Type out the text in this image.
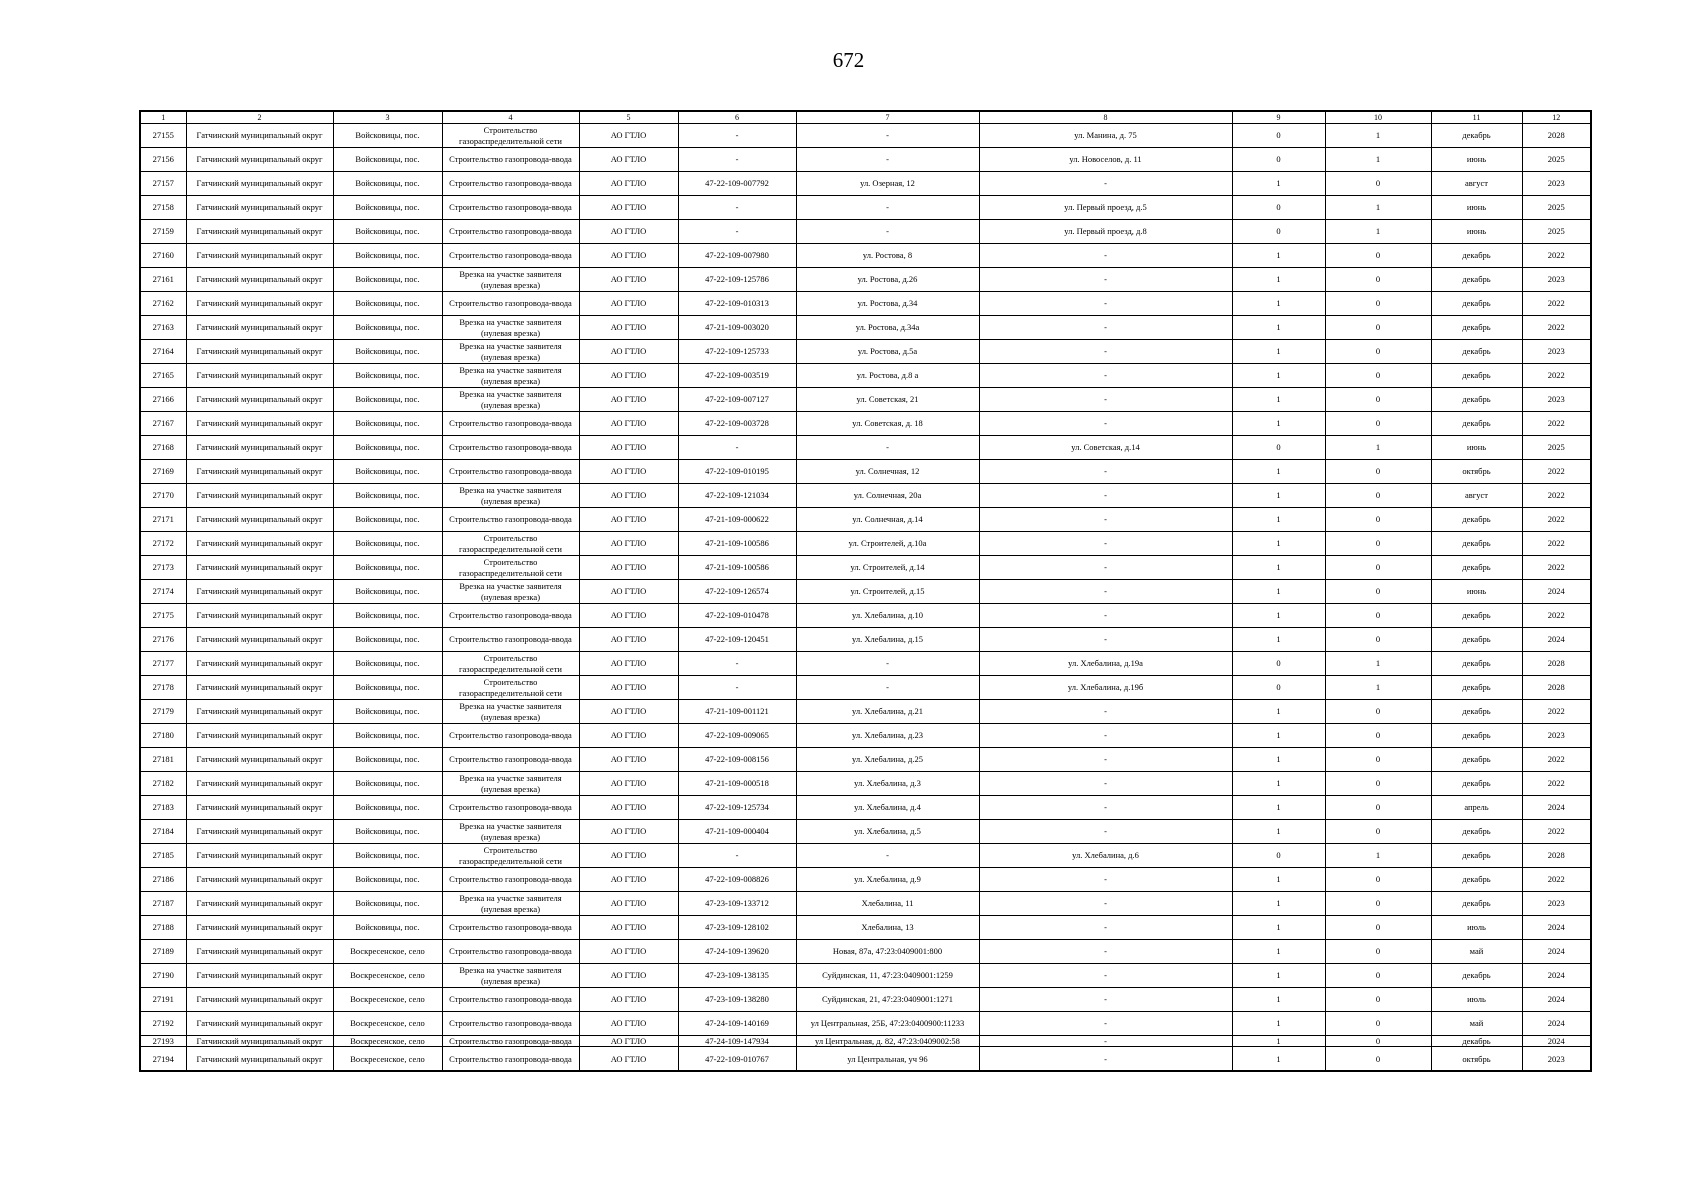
672
1	2	3	4	5	6	7	8	9	10	11	12
27155	Гатчинский муниципальный округ	Войсковицы, пос.	Строительство газораспределительной сети	АО ГТЛО	-	-	ул. Манина, д. 75	0	1	декабрь	2028
27156	Гатчинский муниципальный округ	Войсковицы, пос.	Строительство газопровода-ввода	АО ГТЛО	-	-	ул. Новоселов, д. 11	0	1	июнь	2025
27157	Гатчинский муниципальный округ	Войсковицы, пос.	Строительство газопровода-ввода	АО ГТЛО	47-22-109-007792	ул. Озерная, 12	-	1	0	август	2023
27158	Гатчинский муниципальный округ	Войсковицы, пос.	Строительство газопровода-ввода	АО ГТЛО	-	-	ул. Первый проезд, д.5	0	1	июнь	2025
27159	Гатчинский муниципальный округ	Войсковицы, пос.	Строительство газопровода-ввода	АО ГТЛО	-	-	ул. Первый проезд, д.8	0	1	июнь	2025
27160	Гатчинский муниципальный округ	Войсковицы, пос.	Строительство газопровода-ввода	АО ГТЛО	47-22-109-007980	ул. Ростова, 8	-	1	0	декабрь	2022
27161	Гатчинский муниципальный округ	Войсковицы, пос.	Врезка на участке заявителя (нулевая врезка)	АО ГТЛО	47-22-109-125786	ул. Ростова, д.26	-	1	0	декабрь	2023
27162	Гатчинский муниципальный округ	Войсковицы, пос.	Строительство газопровода-ввода	АО ГТЛО	47-22-109-010313	ул. Ростова, д.34	-	1	0	декабрь	2022
27163	Гатчинский муниципальный округ	Войсковицы, пос.	Врезка на участке заявителя (нулевая врезка)	АО ГТЛО	47-21-109-003020	ул. Ростова, д.34а	-	1	0	декабрь	2022
27164	Гатчинский муниципальный округ	Войсковицы, пос.	Врезка на участке заявителя (нулевая врезка)	АО ГТЛО	47-22-109-125733	ул. Ростова, д.5а	-	1	0	декабрь	2023
27165	Гатчинский муниципальный округ	Войсковицы, пос.	Врезка на участке заявителя (нулевая врезка)	АО ГТЛО	47-22-109-003519	ул. Ростова, д.8 а	-	1	0	декабрь	2022
27166	Гатчинский муниципальный округ	Войсковицы, пос.	Врезка на участке заявителя (нулевая врезка)	АО ГТЛО	47-22-109-007127	ул. Советская, 21	-	1	0	декабрь	2023
27167	Гатчинский муниципальный округ	Войсковицы, пос.	Строительство газопровода-ввода	АО ГТЛО	47-22-109-003728	ул. Советская, д. 18	-	1	0	декабрь	2022
27168	Гатчинский муниципальный округ	Войсковицы, пос.	Строительство газопровода-ввода	АО ГТЛО	-	-	ул. Советская, д.14	0	1	июнь	2025
27169	Гатчинский муниципальный округ	Войсковицы, пос.	Строительство газопровода-ввода	АО ГТЛО	47-22-109-010195	ул. Солнечная, 12	-	1	0	октябрь	2022
27170	Гатчинский муниципальный округ	Войсковицы, пос.	Врезка на участке заявителя (нулевая врезка)	АО ГТЛО	47-22-109-121034	ул. Солнечная, 20а	-	1	0	август	2022
27171	Гатчинский муниципальный округ	Войсковицы, пос.	Строительство газопровода-ввода	АО ГТЛО	47-21-109-000622	ул. Солнечная, д.14	-	1	0	декабрь	2022
27172	Гатчинский муниципальный округ	Войсковицы, пос.	Строительство газораспределительной сети	АО ГТЛО	47-21-109-100586	ул. Строителей, д.10а	-	1	0	декабрь	2022
27173	Гатчинский муниципальный округ	Войсковицы, пос.	Строительство газораспределительной сети	АО ГТЛО	47-21-109-100586	ул. Строителей, д.14	-	1	0	декабрь	2022
27174	Гатчинский муниципальный округ	Войсковицы, пос.	Врезка на участке заявителя (нулевая врезка)	АО ГТЛО	47-22-109-126574	ул. Строителей, д.15	-	1	0	июнь	2024
27175	Гатчинский муниципальный округ	Войсковицы, пос.	Строительство газопровода-ввода	АО ГТЛО	47-22-109-010478	ул. Хлебалина, д.10	-	1	0	декабрь	2022
27176	Гатчинский муниципальный округ	Войсковицы, пос.	Строительство газопровода-ввода	АО ГТЛО	47-22-109-120451	ул. Хлебалина, д.15	-	1	0	декабрь	2024
27177	Гатчинский муниципальный округ	Войсковицы, пос.	Строительство газораспределительной сети	АО ГТЛО	-	-	ул. Хлебалина, д.19а	0	1	декабрь	2028
27178	Гатчинский муниципальный округ	Войсковицы, пос.	Строительство газораспределительной сети	АО ГТЛО	-	-	ул. Хлебалина, д.19б	0	1	декабрь	2028
27179	Гатчинский муниципальный округ	Войсковицы, пос.	Врезка на участке заявителя (нулевая врезка)	АО ГТЛО	47-21-109-001121	ул. Хлебалина, д.21	-	1	0	декабрь	2022
27180	Гатчинский муниципальный округ	Войсковицы, пос.	Строительство газопровода-ввода	АО ГТЛО	47-22-109-009065	ул. Хлебалина, д.23	-	1	0	декабрь	2023
27181	Гатчинский муниципальный округ	Войсковицы, пос.	Строительство газопровода-ввода	АО ГТЛО	47-22-109-008156	ул. Хлебалина, д.25	-	1	0	декабрь	2022
27182	Гатчинский муниципальный округ	Войсковицы, пос.	Врезка на участке заявителя (нулевая врезка)	АО ГТЛО	47-21-109-000518	ул. Хлебалина, д.3	-	1	0	декабрь	2022
27183	Гатчинский муниципальный округ	Войсковицы, пос.	Строительство газопровода-ввода	АО ГТЛО	47-22-109-125734	ул. Хлебалина, д.4	-	1	0	апрель	2024
27184	Гатчинский муниципальный округ	Войсковицы, пос.	Врезка на участке заявителя (нулевая врезка)	АО ГТЛО	47-21-109-000404	ул. Хлебалина, д.5	-	1	0	декабрь	2022
27185	Гатчинский муниципальный округ	Войсковицы, пос.	Строительство газораспределительной сети	АО ГТЛО	-	-	ул. Хлебалина, д.6	0	1	декабрь	2028
27186	Гатчинский муниципальный округ	Войсковицы, пос.	Строительство газопровода-ввода	АО ГТЛО	47-22-109-008826	ул. Хлебалина, д.9	-	1	0	декабрь	2022
27187	Гатчинский муниципальный округ	Войсковицы, пос.	Врезка на участке заявителя (нулевая врезка)	АО ГТЛО	47-23-109-133712	Хлебалина, 11	-	1	0	декабрь	2023
27188	Гатчинский муниципальный округ	Войсковицы, пос.	Строительство газопровода-ввода	АО ГТЛО	47-23-109-128102	Хлебалина, 13	-	1	0	июль	2024
27189	Гатчинский муниципальный округ	Воскресенское, село	Строительство газопровода-ввода	АО ГТЛО	47-24-109-139620	Новая, 87а, 47:23:0409001:800	-	1	0	май	2024
27190	Гатчинский муниципальный округ	Воскресенское, село	Врезка на участке заявителя (нулевая врезка)	АО ГТЛО	47-23-109-138135	Суйдинская, 11, 47:23:0409001:1259	-	1	0	декабрь	2024
27191	Гатчинский муниципальный округ	Воскресенское, село	Строительство газопровода-ввода	АО ГТЛО	47-23-109-138280	Суйдинская, 21, 47:23:0409001:1271	-	1	0	июль	2024
27192	Гатчинский муниципальный округ	Воскресенское, село	Строительство газопровода-ввода	АО ГТЛО	47-24-109-140169	ул Центральная, 25Б, 47:23:0400900:11233	-	1	0	май	2024
27193	Гатчинский муниципальный округ	Воскресенское, село	Строительство газопровода-ввода	АО ГТЛО	47-24-109-147934	ул Центральная, д. 82, 47:23:0409002:58	-	1	0	декабрь	2024
27194	Гатчинский муниципальный округ	Воскресенское, село	Строительство газопровода-ввода	АО ГТЛО	47-22-109-010767	ул Центральная, уч 96	-	1	0	октябрь	2023
